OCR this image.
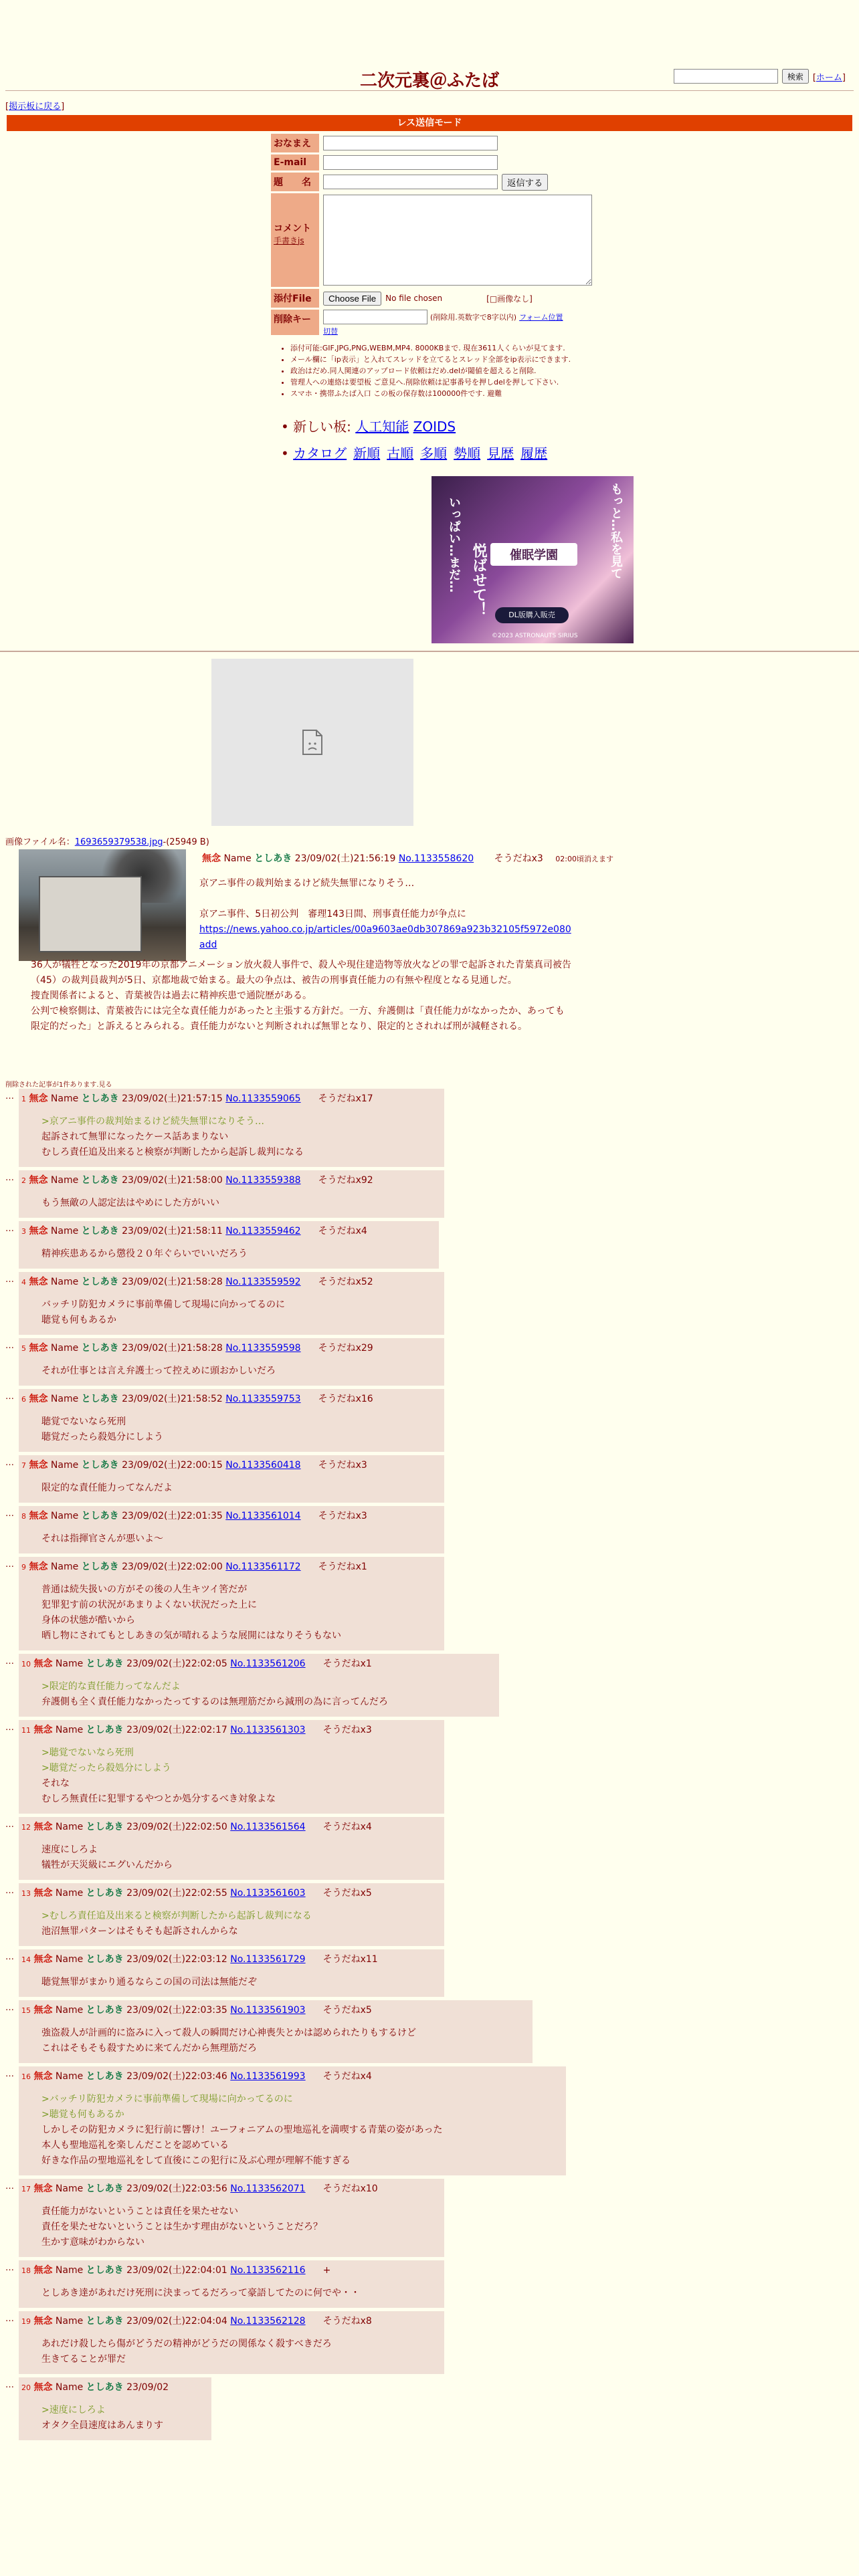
検索	[ホーム]
二次元裏＠ふたば
[掲示板に戻る]
レス送信モード
おなまえ
E-mail
題　　名	返信する
コメント
手書きjs
添付File	Choose File	No file chosen	[□画像なし]
削除キー	(削除用.英数字で8字以内) フォーム位置
切替
• 添付可能:GIF,JPG,PNG,WEBM,MP4. 8000KBまで. 現在3611人くらいが見てます.
• メール欄に「ip表示」と入れてスレッドを立てるとスレッド全部をip表示にできます.
• 政治はだめ.同人関連のアップロード依頼はだめ.delが閾値を超えると削除.
• 管理人への連絡は要望板 ご意見へ.削除依頼は記事番号を押しdelを押して下さい.
• スマホ・携帯ふたば入口 この板の保存数は100000件です. 避難
• 新しい板: 人工知能 ZOIDS
• カタログ 新順 古順 多順 勢順 見歴 履歴
いっぱい…まだ…	もっと…私を見て
悦ばせて！	催眠学園
DL版購入販売
©2023 ASTRONAUTS SIRIUS
画像ファイル名：1693659379538.jpg-(25949 B)
無念 Name としあき 23/09/02(土)21:56:19 No.1133558620 そうだねx3 02:00頃消えます
京アニ事件の裁判始まるけど続失無罪になりそう…
京アニ事件、5日初公判　審理143日間、刑事責任能力が争点に
https://news.yahoo.co.jp/articles/00a9603ae0db307869a923b32105f5972e080add
36人が犠牲となった2019年の京都アニメーション放火殺人事件で、殺人や現住建造物等放火などの罪で起訴された青葉真司被告（45）の裁判員裁判が5日、京都地裁で始まる。最大の争点は、被告の刑事責任能力の有無や程度となる見通しだ。
捜査関係者によると、青葉被告は過去に精神疾患で通院歴がある。
公判で検察側は、青葉被告には完全な責任能力があったと主張する方針だ。一方、弁護側は「責任能力がなかったか、あっても限定的だった」と訴えるとみられる。責任能力がないと判断されれば無罪となり、限定的とされれば刑が減軽される。
削除された記事が1件あります.見る
…	1 無念 Name としあき 23/09/02(土)21:57:15 No.1133559065 そうだねx17
>京アニ事件の裁判始まるけど続失無罪になりそう…
起訴されて無罪になったケース話あまりない
むしろ責任追及出来ると検察が判断したから起訴し裁判になる
…	2 無念 Name としあき 23/09/02(土)21:58:00 No.1133559388 そうだねx92
もう無敵の人認定法はやめにした方がいい
…	3 無念 Name としあき 23/09/02(土)21:58:11 No.1133559462 そうだねx4
精神疾患あるから懲役２０年ぐらいでいいだろう
…	4 無念 Name としあき 23/09/02(土)21:58:28 No.1133559592 そうだねx52
バッチリ防犯カメラに事前準備して現場に向かってるのに
聴覚も何もあるか
…	5 無念 Name としあき 23/09/02(土)21:58:28 No.1133559598 そうだねx29
それが仕事とは言え弁護士って控えめに頭おかしいだろ
…	6 無念 Name としあき 23/09/02(土)21:58:52 No.1133559753 そうだねx16
聴覚でないなら死刑
聴覚だったら殺処分にしよう
…	7 無念 Name としあき 23/09/02(土)22:00:15 No.1133560418 そうだねx3
限定的な責任能力ってなんだよ
…	8 無念 Name としあき 23/09/02(土)22:01:35 No.1133561014 そうだねx3
それは指揮官さんが悪いよ〜
…	9 無念 Name としあき 23/09/02(土)22:02:00 No.1133561172 そうだねx1
普通は続失扱いの方がその後の人生キツイ筈だが
犯罪犯す前の状況があまりよくない状況だった上に
身体の状態が酷いから
晒し物にされてもとしあきの気が晴れるような展開にはなりそうもない
…	10 無念 Name としあき 23/09/02(土)22:02:05 No.1133561206 そうだねx1
>限定的な責任能力ってなんだよ
弁護側も全く責任能力なかったってするのは無理筋だから減刑の為に言ってんだろ
…	11 無念 Name としあき 23/09/02(土)22:02:17 No.1133561303 そうだねx3
>聴覚でないなら死刑
>聴覚だったら殺処分にしよう
それな
むしろ無責任に犯罪するやつとか処分するべき対象よな
…	12 無念 Name としあき 23/09/02(土)22:02:50 No.1133561564 そうだねx4
速度にしろよ
犠牲が天災級にエグいんだから
…	13 無念 Name としあき 23/09/02(土)22:02:55 No.1133561603 そうだねx5
>むしろ責任追及出来ると検察が判断したから起訴し裁判になる
池沼無罪パターンはそもそも起訴されんからな
…	14 無念 Name としあき 23/09/02(土)22:03:12 No.1133561729 そうだねx11
聴覚無罪がまかり通るならこの国の司法は無能だぞ
…	15 無念 Name としあき 23/09/02(土)22:03:35 No.1133561903 そうだねx5
強盗殺人が計画的に盗みに入って殺人の瞬間だけ心神喪失とかは認められたりもするけど
これはそもそも殺すために来てんだから無理筋だろ
…	16 無念 Name としあき 23/09/02(土)22:03:46 No.1133561993 そうだねx4
>バッチリ防犯カメラに事前準備して現場に向かってるのに
>聴覚も何もあるか
しかしその防犯カメラに犯行前に響け！ユーフォニアムの聖地巡礼を満喫する青葉の姿があった
本人も聖地巡礼を楽しんだことを認めている
好きな作品の聖地巡礼をして直後にこの犯行に及ぶ心理が理解不能すぎる
…	17 無念 Name としあき 23/09/02(土)22:03:56 No.1133562071 そうだねx10
責任能力がないということは責任を果たせない
責任を果たせないということは生かす理由がないということだろ？
生かす意味がわからない
…	18 無念 Name としあき 23/09/02(土)22:04:01 No.1133562116 +
としあき達があれだけ死刑に決まってるだろって豪語してたのに何でや・・
…	19 無念 Name としあき 23/09/02(土)22:04:04 No.1133562128 そうだねx8
あれだけ殺したら傷がどうだの精神がどうだの関係なく殺すべきだろ
生きてることが罪だ
…	20 無念 Name としあき 23/09/02
>速度にしろよ
オタク全員速度はあんまりす
